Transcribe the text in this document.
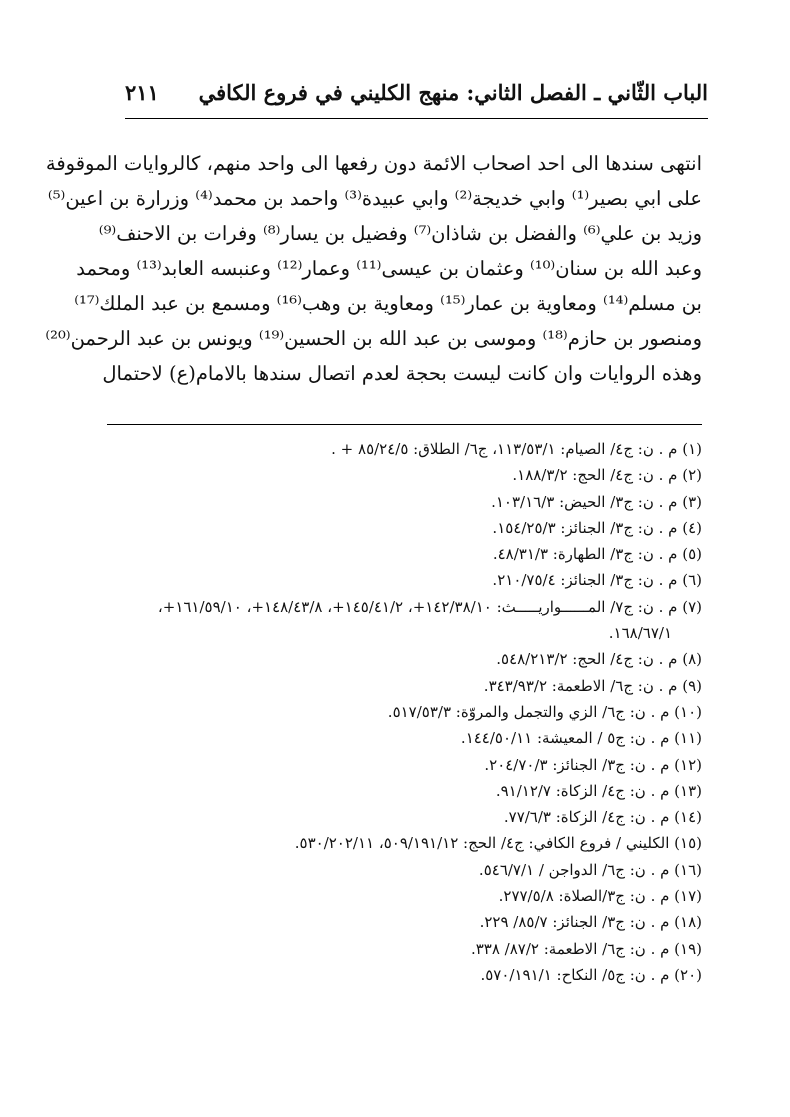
الباب الثّاني ـ الفصل الثاني: منهج الكليني في فروع الكافي
٢١١
انتهى سندها الى احد اصحاب الائمة دون رفعها الى واحد منهم، كالروايات الموقوفة
على ابي بصير⁽¹⁾ وابي خديجة⁽²⁾ وابي عبيدة⁽³⁾ واحمد بن محمد⁽⁴⁾ وزرارة بن اعين⁽⁵⁾
وزيد بن علي⁽⁶⁾ والفضل بن شاذان⁽⁷⁾ وفضيل بن يسار⁽⁸⁾ وفرات بن الاحنف⁽⁹⁾
وعبد الله بن سنان⁽¹⁰⁾ وعثمان بن عيسى⁽¹¹⁾ وعمار⁽¹²⁾ وعنبسه العابد⁽¹³⁾ ومحمد
بن مسلم⁽¹⁴⁾ ومعاوية بن عمار⁽¹⁵⁾ ومعاوية بن وهب⁽¹⁶⁾ ومسمع بن عبد الملك⁽¹⁷⁾
ومنصور بن حازم⁽¹⁸⁾ وموسى بن عبد الله بن الحسين⁽¹⁹⁾ ويونس بن عبد الرحمن⁽²⁰⁾
وهذه الروايات وان كانت ليست بحجة لعدم اتصال سندها بالامام(ع) لاحتمال
(١) م . ن: ج٤/ الصيام: ١١٣/٥٣/١، ج٦/ الطلاق: ٨٥/٢٤/٥ + .
(٢) م . ن: ج٤/ الحج: ١٨٨/٣/٢.
(٣) م . ن: ج٣/ الحيض: ١٠٣/١٦/٣.
(٤) م . ن: ج٣/ الجنائز: ١٥٤/٢٥/٣.
(٥) م . ن: ج٣/ الطهارة: ٤٨/٣١/٣.
(٦) م . ن: ج٣/ الجنائز: ٢١٠/٧٥/٤.
(٧) م . ن: ج٧/ المــــــواريـــــث: ١٤٢/٣٨/١٠+، ١٤٥/٤١/٢+، ١٤٨/٤٣/٨+، ١٦١/٥٩/١٠+،
١٦٨/٦٧/١.
(٨) م . ن: ج٤/ الحج: ٥٤٨/٢١٣/٢.
(٩) م . ن: ج٦/ الاطعمة: ٣٤٣/٩٣/٢.
(١٠) م . ن: ج٦/ الزي والتجمل والمروّة: ٥١٧/٥٣/٣.
(١١) م . ن: ج٥ / المعيشة: ١٤٤/٥٠/١١.
(١٢) م . ن: ج٣/ الجنائز: ٢٠٤/٧٠/٣.
(١٣) م . ن: ج٤/ الزكاة: ٩١/١٢/٧.
(١٤) م . ن: ج٤/ الزكاة: ٧٧/٦/٣.
(١٥) الكليني / فروع الكافي: ج٤/ الحج: ٥٠٩/١٩١/١٢، ٥٣٠/٢٠٢/١١.
(١٦) م . ن: ج٦/ الدواجن / ٥٤٦/٧/١.
(١٧) م . ن: ج٣/الصلاة: ٢٧٧/٥/٨.
(١٨) م . ن: ج٣/ الجنائز: ٨٥/٧/ ٢٢٩.
(١٩) م . ن: ج٦/ الاطعمة: ٨٧/٢/ ٣٣٨.
(٢٠) م . ن: ج٥/ النكاح: ٥٧٠/١٩١/١.
